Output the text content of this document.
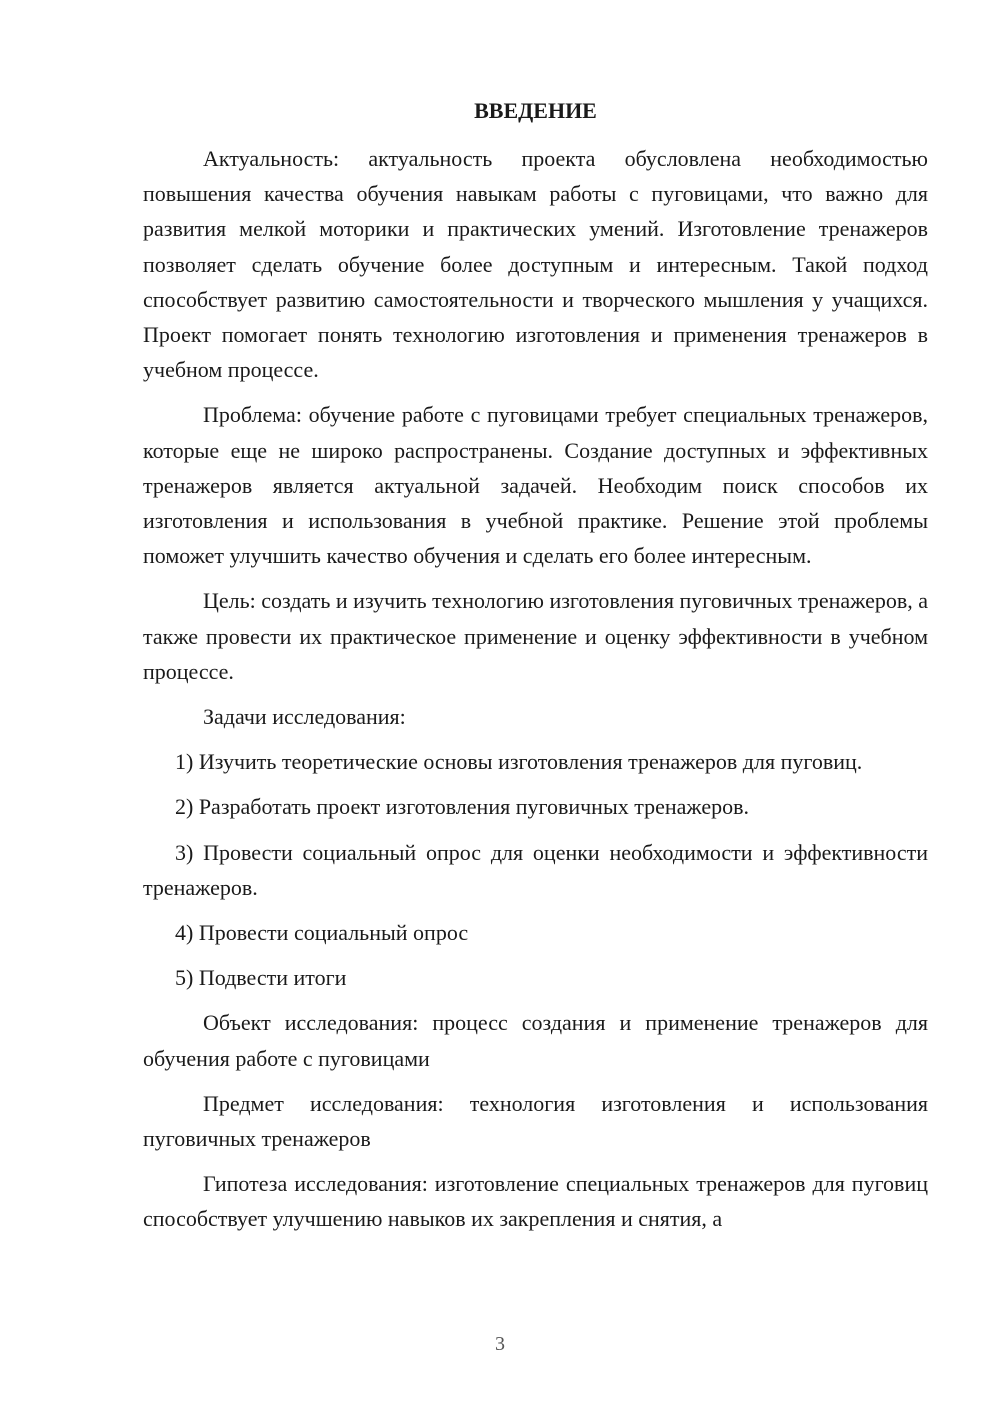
ВВЕДЕНИЕ

Актуальность: актуальность проекта обусловлена необходимостью повышения качества обучения навыкам работы с пуговицами, что важно для развития мелкой моторики и практических умений. Изготовление тренажеров позволяет сделать обучение более доступным и интересным. Такой подход способствует развитию самостоятельности и творческого мышления у учащихся. Проект помогает понять технологию изготовления и применения тренажеров в учебном процессе.

Проблема: обучение работе с пуговицами требует специальных тренажеров, которые еще не широко распространены. Создание доступных и эффективных тренажеров является актуальной задачей. Необходим поиск способов их изготовления и использования в учебной практике. Решение этой проблемы поможет улучшить качество обучения и сделать его более интересным.

Цель: создать и изучить технологию изготовления пуговичных тренажеров, а также провести их практическое применение и оценку эффективности в учебном процессе.

Задачи исследования:

1) Изучить теоретические основы изготовления тренажеров для пуговиц.

2) Разработать проект изготовления пуговичных тренажеров.

3) Провести социальный опрос для оценки необходимости и эффективности тренажеров.

4) Провести социальный опрос

5) Подвести итоги

Объект исследования: процесс создания и применение тренажеров для обучения работе с пуговицами

Предмет исследования: технология изготовления и использования пуговичных тренажеров

Гипотеза исследования: изготовление специальных тренажеров для пуговиц способствует улучшению навыков их закрепления и снятия, а

3
